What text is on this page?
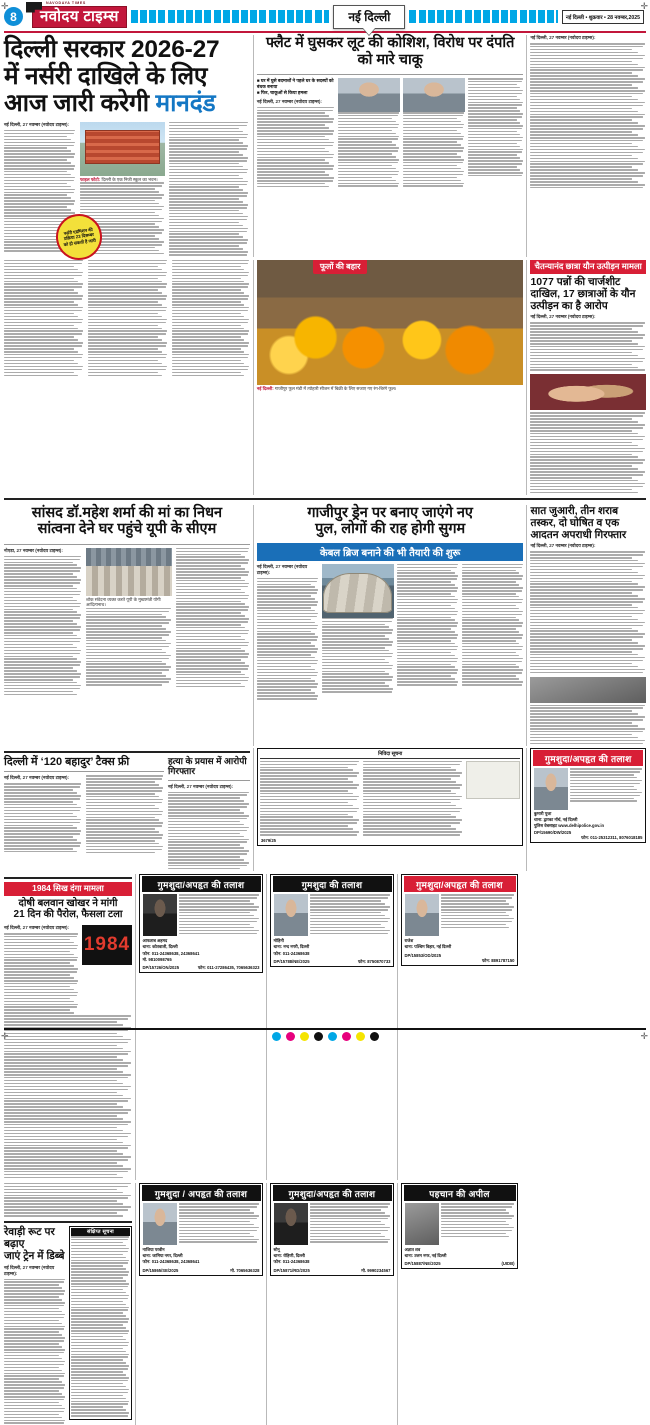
✛	✛
8
NAVODAYA TIMES
नवोदय टाइम्स	नई दिल्ली	नई दिल्ली • शुक्रवार • 28 नवम्बर,2025
दिल्ली सरकार 2026-27
में नर्सरी दाखिले के लिए
आज जारी करेगी मानदंड
नई दिल्ली, 27 नवम्बर (नवोदय टाइम्स):
फाइल फोटो: दिल्ली के एक निजी स्कूल का भवन।
नर्सरी एडमिशन की प्रक्रिया 23 दिसम्बर को हो सकती है जारी
फ्लैट में घुसकर लूट की कोशिश, विरोध पर दंपति को मारे चाकू
■ घर में घुसे बदमाशों ने पहले घर के सदस्यों को बंधक बनाया
■ फिर, चाकूओं से किया हमला
नई दिल्ली, 27 नवम्बर (नवोदय टाइम्स):
नई दिल्ली, 27 नवम्बर (नवोदय टाइम्स):
फूलों की बहार
नई दिल्ली: गाजीपुर फूल मंडी में त्योहारी सीजन में बिक्री के लिए सजाए गए रंग-बिरंगे फूल।
चैतन्यानंद छात्रा यौन उत्पीड़न मामला
1077 पन्नों की चार्जशीट दाखिल, 17 छात्राओं के यौन उत्पीड़न का है आरोप
नई दिल्ली, 27 नवम्बर (नवोदय टाइम्स):
सांसद डॉ.महेश शर्मा की मां का निधन
सांत्वना देने घर पहुंचे यूपी के सीएम
नोएडा, 27 नवम्बर (नवोदय टाइम्स):
शोक संवेदना व्यक्त करते यूपी के मुख्यमंत्री योगी आदित्यनाथ।
गाजीपुर ड्रेन पर बनाए जाएंगे नए
पुल, लोगों की राह होगी सुगम
केबल ब्रिज बनाने की भी तैयारी की शुरू
नई दिल्ली, 27 नवम्बर (नवोदय टाइम्स):
सात जुआरी, तीन शराब तस्कर, दो घोषित व एक आदतन अपराधी गिरफ्तार
नई दिल्ली, 27 नवम्बर (नवोदय टाइम्स):
दिल्ली में ‘120 बहादुर’ टैक्स फ्री
नई दिल्ली, 27 नवम्बर (नवोदय टाइम्स):
हत्या के प्रयास में आरोपी गिरफ्तार
नई दिल्ली, 27 नवम्बर (नवोदय टाइम्स):
निविदा सूचना
3679/25
गुमशुदा/अपहृत की तलाश
कुमारी पूजा
थाना: द्वारका नॉर्थ, नई दिल्ली
पुलिस वेबसाइट www.delhipolice.gov.in
DP/15690/DW/2025
फोन: 011-25312311, 8076018185
1984 सिख दंगा मामला
दोषी बलवान खोखर ने मांगी
21 दिन की पैरोल, फैसला टला
नई दिल्ली, 27 नवम्बर (नवोदय टाइम्स):
1984
गुमशुदा/अपहृत की तलाश
आफताब अहमद
थाना: कोतवाली, दिल्ली
फोन: 011-24368638, 24368641
मो. 9810098765
DP/15726/ON/2025	फोन: 011-27286435, 7065636323
गुमशुदा की तलाश
मोहिनी
थाना: नन्द नगरी, दिल्ली
फोन: 011-24368638
DP/15788/NE/2025	फोन: 8750870733
गुमशुदा/अपहृत की तलाश
राजेश
थाना: पश्चिम विहार, नई दिल्ली
DP/15853/OD/2025
फोन: 8891787150
रेवाड़ी रूट पर बढ़ाए
जाएं ट्रेन में डिब्बे
नई दिल्ली, 27 नवम्बर (नवोदय टाइम्स):
संक्षिप्त सूचना
गुमशुदा / अपहृत की तलाश
नाजिया परवीन
थाना: जामिया नगर, दिल्ली
फोन: 011-24368638, 24368641
DP/15865/SE/2025	मो. 7065636328
गुमशुदा/अपहृत की तलाश
सोनू
थाना: रोहिणी, दिल्ली
फोन: 011-24368638
DP/15871/RD/2025	मो. 9990234567
पहचान की अपील
अज्ञात शव
थाना: उत्तम नगर, नई दिल्ली
DP/15887/NE/2025	(UIDB)
✛	✛
